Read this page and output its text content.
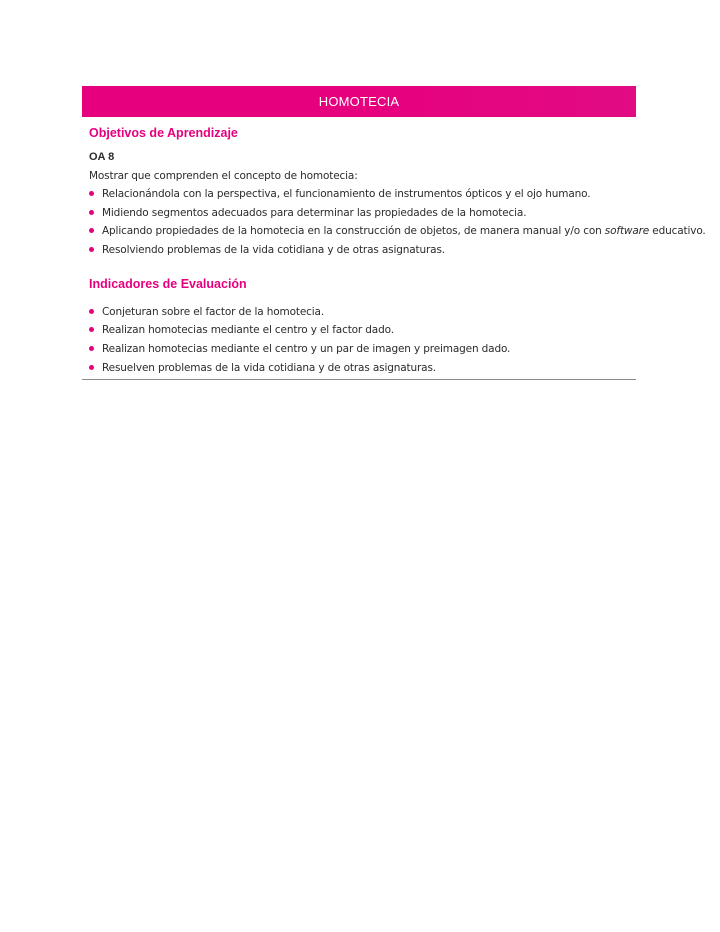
HOMOTECIA
Objetivos de Aprendizaje
OA 8
Mostrar que comprenden el concepto de homotecia:
Relacionándola con la perspectiva, el funcionamiento de instrumentos ópticos y el ojo humano.
Midiendo segmentos adecuados para determinar las propiedades de la homotecia.
Aplicando propiedades de la homotecia en la construcción de objetos, de manera manual y/o con software educativo.
Resolviendo problemas de la vida cotidiana y de otras asignaturas.
Indicadores de Evaluación
Conjeturan sobre el factor de la homotecia.
Realizan homotecias mediante el centro y el factor dado.
Realizan homotecias mediante el centro y un par de imagen y preimagen dado.
Resuelven problemas de la vida cotidiana y de otras asignaturas.
